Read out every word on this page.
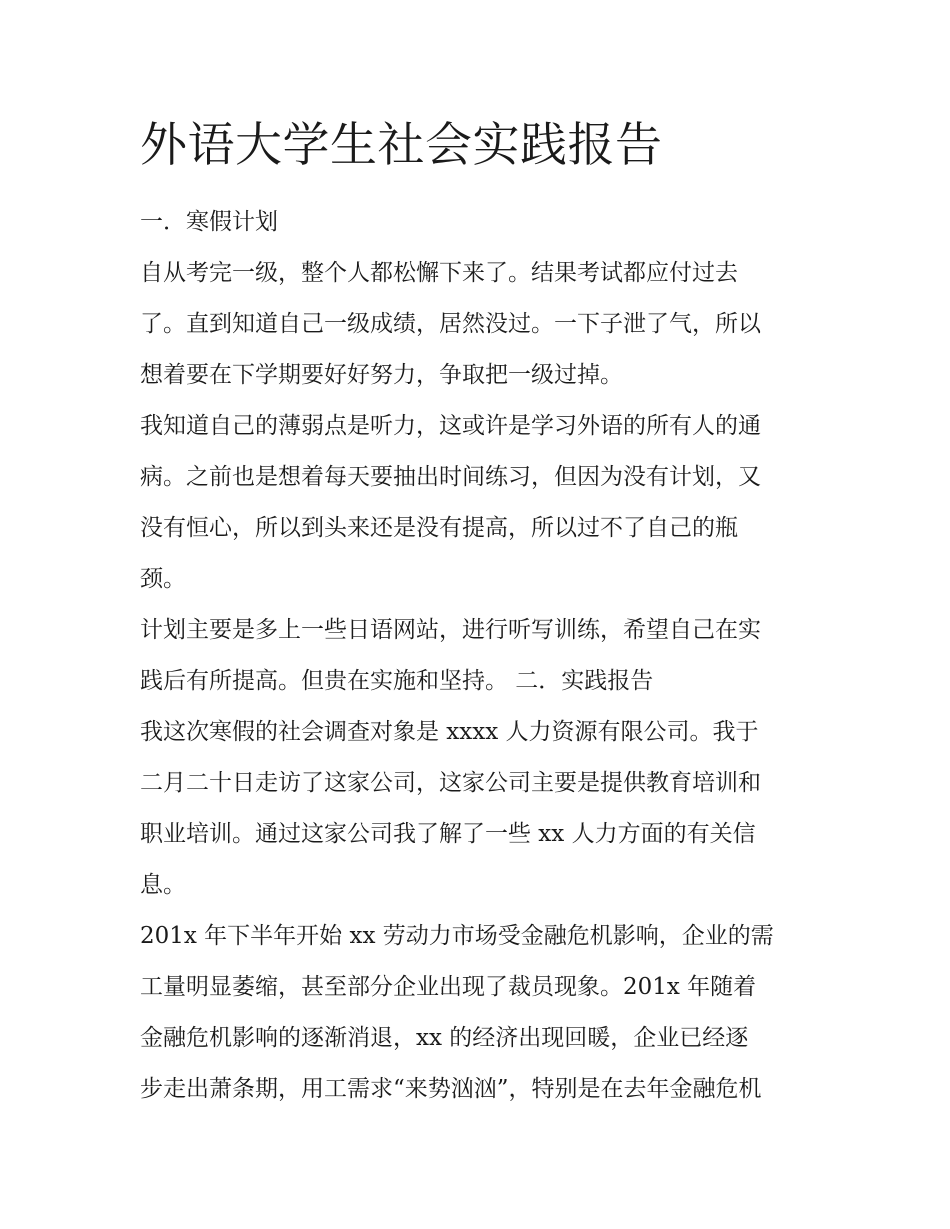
外语大学生社会实践报告

一．寒假计划

自从考完一级，整个人都松懈下来了。结果考试都应付过去

了。直到知道自己一级成绩，居然没过。一下子泄了气，所以

想着要在下学期要好好努力，争取把一级过掉。

我知道自己的薄弱点是听力，这或许是学习外语的所有人的通

病。之前也是想着每天要抽出时间练习，但因为没有计划，又

没有恒心，所以到头来还是没有提高，所以过不了自己的瓶

颈。

计划主要是多上一些日语网站，进行听写训练，希望自己在实

践后有所提高。但贵在实施和坚持。 二．实践报告

我这次寒假的社会调查对象是 xxxx 人力资源有限公司。我于

二月二十日走访了这家公司，这家公司主要是提供教育培训和

职业培训。通过这家公司我了解了一些 xx 人力方面的有关信

息。

201x 年下半年开始 xx 劳动力市场受金融危机影响，企业的需

工量明显萎缩，甚至部分企业出现了裁员现象。201x 年随着

金融危机影响的逐渐消退，xx 的经济出现回暖，企业已经逐

步走出萧条期，用工需求“来势汹汹”，特别是在去年金融危机
